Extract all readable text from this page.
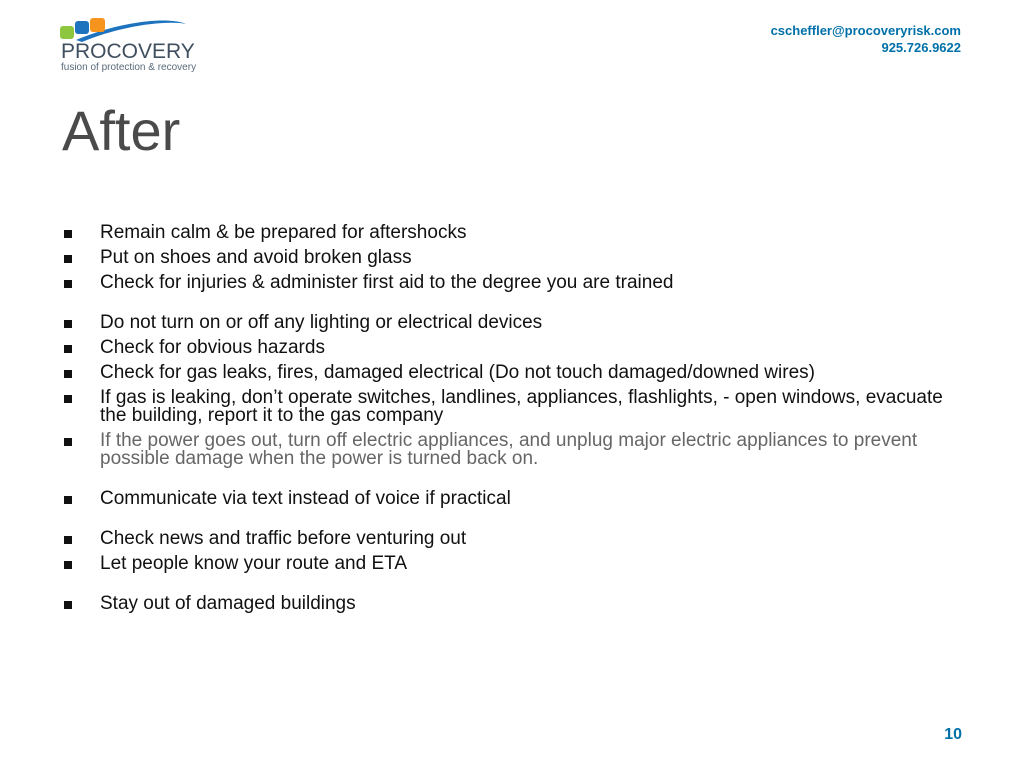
PROCOVERY
fusion of protection & recovery
cscheffler@procoveryrisk.com
925.726.9622
After
Remain calm & be prepared for aftershocks
Put on shoes and avoid broken glass
Check for injuries & administer first aid to the degree you are trained
Do not turn on or off any lighting or electrical devices
Check for obvious hazards
Check for gas leaks, fires, damaged electrical (Do not touch damaged/downed wires)
If gas is leaking, don’t operate switches, landlines, appliances, flashlights, - open windows, evacuate the building, report it to the gas company
If the power goes out, turn off electric appliances, and unplug major electric appliances to prevent possible damage when the power is turned back on.
Communicate via text instead of voice if practical
Check news and traffic before venturing out
Let people know your route and ETA
Stay out of damaged buildings
10
